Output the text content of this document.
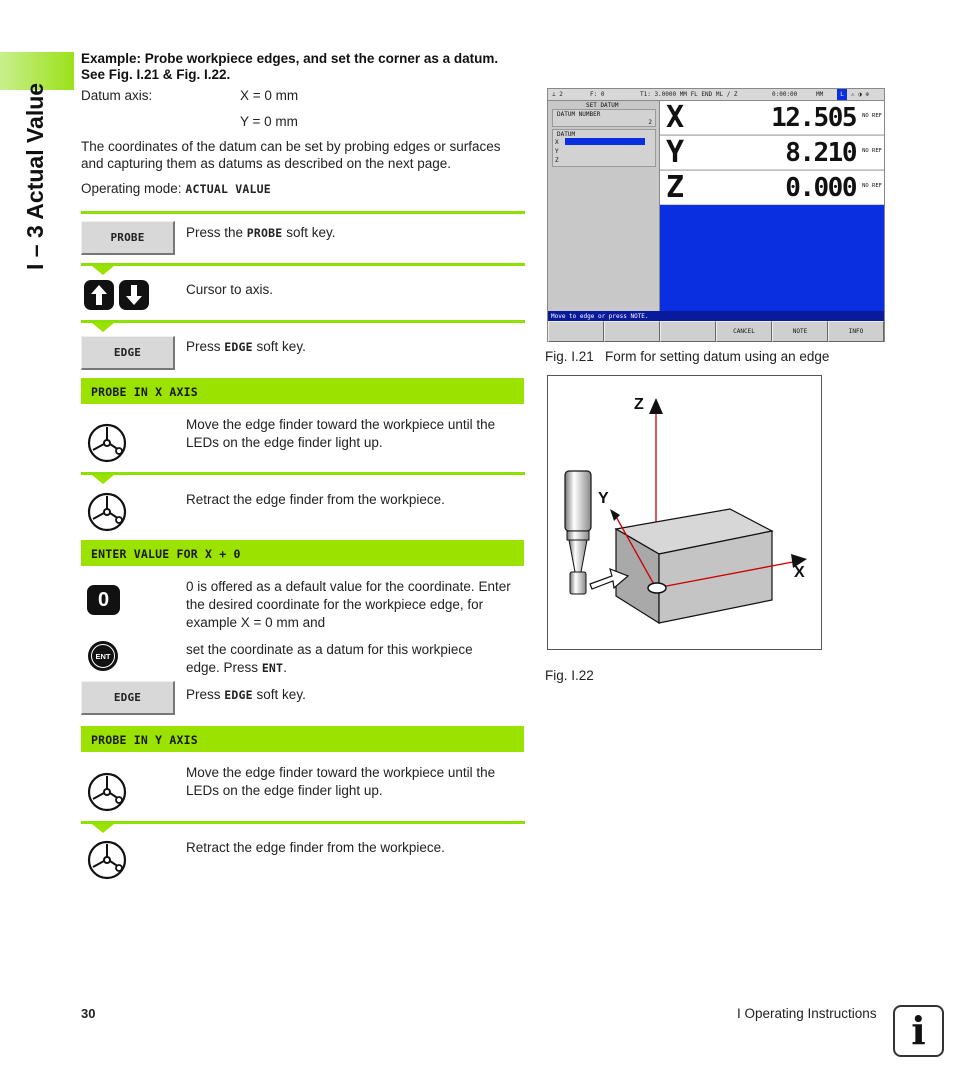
I – 3 Actual Value
Example: Probe workpiece edges, and set the corner as a datum.
See Fig. I.21 & Fig. I.22.
Datum axis:	X = 0 mm
Y = 0 mm
The coordinates of the datum can be set by probing edges or surfaces
and capturing them as datums as described on the next page.
Operating mode: ACTUAL VALUE
PROBE	Press the PROBE soft key.
Cursor to axis.
EDGE	Press EDGE soft key.
PROBE IN X AXIS
Move the edge finder toward the workpiece until the
LEDs on the edge finder light up.
Retract the edge finder from the workpiece.
ENTER VALUE FOR X + 0
0
0 is offered as a default value for the coordinate. Enter
the desired coordinate for the workpiece edge, for
example X = 0 mm and
ENT	set the coordinate as a datum for this workpiece
edge. Press ENT.
EDGE	Press EDGE soft key.
PROBE IN Y AXIS
Move the edge finder toward the workpiece until the
LEDs on the edge finder light up.
Retract the edge finder from the workpiece.
⊥ 2	F: 0	T1: 3.0000 MM FL END ML / Z	0:00:00	MM	L	⚠ ◑ ⊕
SET DATUM
DATUM NUMBER
2
DATUM
X
Y
Z
X	12.505 NO REF
Y	8.210 NO REF
Z	0.000 NO REF
Move to edge or press NOTE.
CANCEL	NOTE	INFO
Fig. I.21 Form for setting datum using an edge
Z
Y
X
Fig. I.22
30	I Operating Instructions i
